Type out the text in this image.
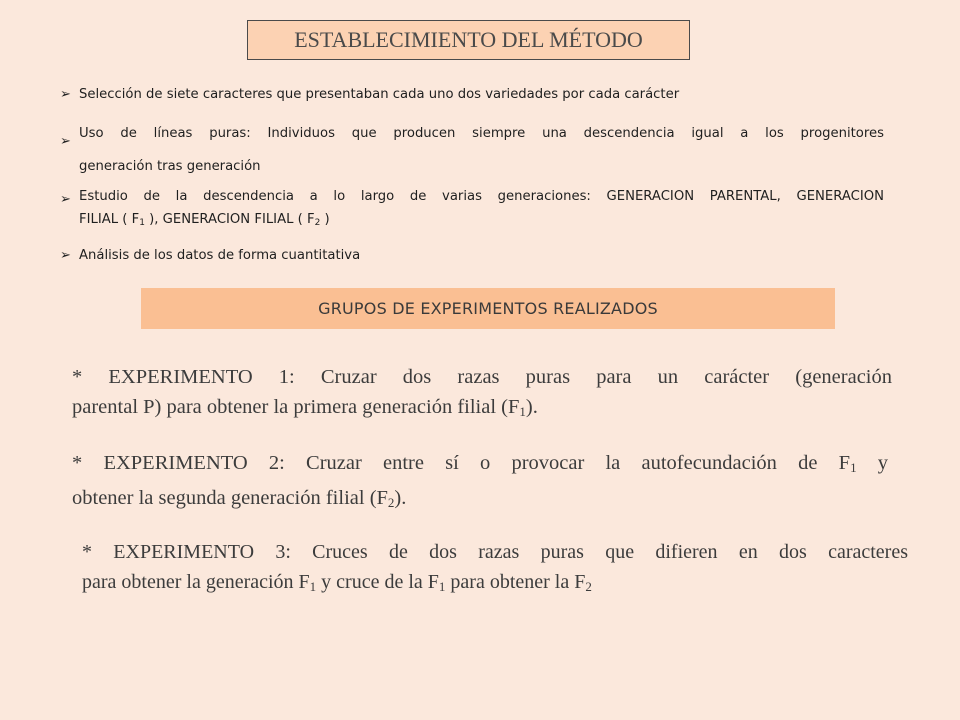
ESTABLECIMIENTO DEL MÉTODO
➢ Selección de siete caracteres que presentaban cada uno dos variedades por cada carácter
➢
Uso de líneas puras: Individuos que producen siempre una descendencia igual a los progenitores
generación tras generación
➢ Estudio de la descendencia a lo largo de varias generaciones: GENERACION PARENTAL, GENERACION
FILIAL ( $F_1$ ), GENERACION FILIAL ( $F_2$ )
➢ Análisis de los datos de forma cuantitativa
GRUPOS DE EXPERIMENTOS REALIZADOS
* EXPERIMENTO 1: Cruzar dos razas puras para un carácter (generación
parental P) para obtener la primera generación filial $(F_1)$.
* EXPERIMENTO 2: Cruzar entre sí o provocar la autofecundación de $F_1$ y
obtener la segunda generación filial $(F_2)$.
* EXPERIMENTO 3: Cruces de dos razas puras que difieren en dos caracteres
para obtener la generación $F_1$ y cruce de la $F_1$ para obtener la $F_2$
